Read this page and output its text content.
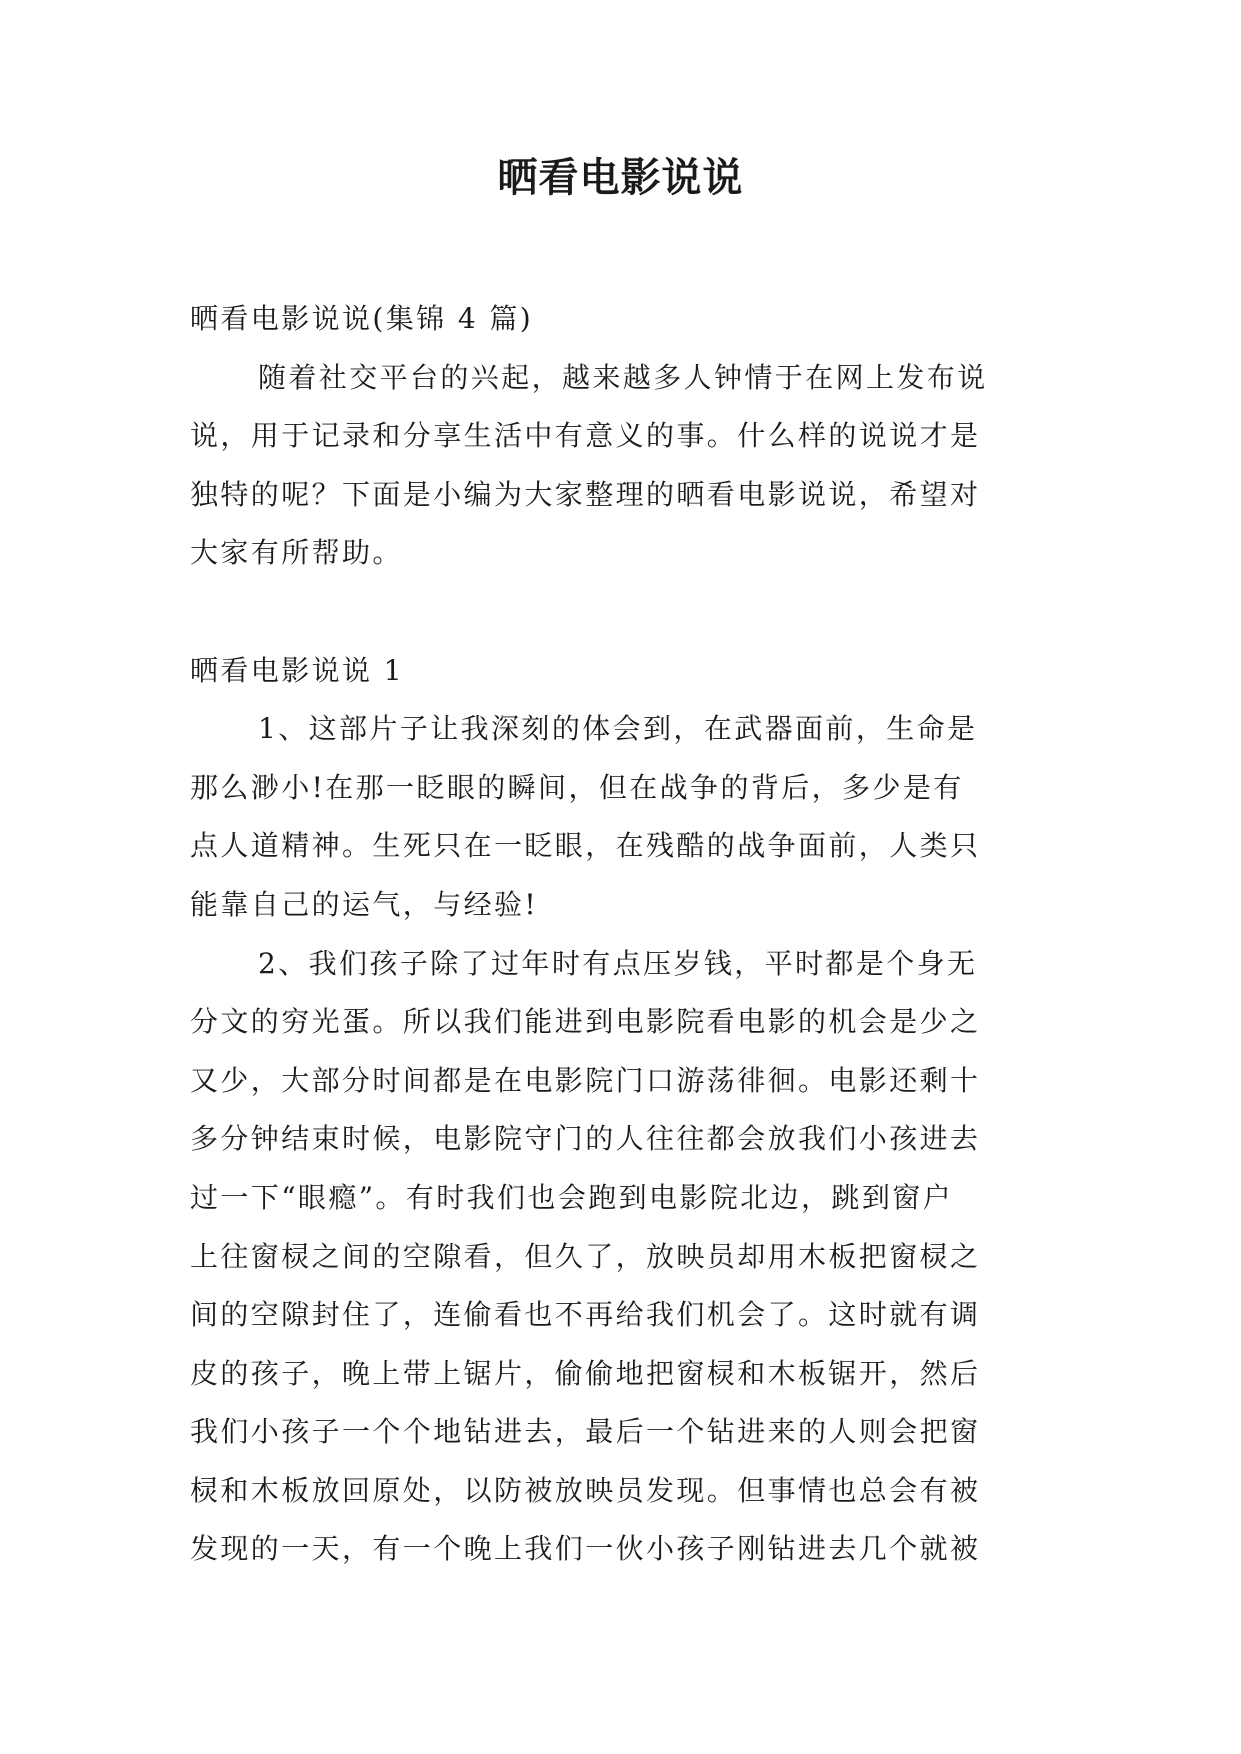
晒看电影说说
晒看电影说说(集锦 4 篇)
随着社交平台的兴起，越来越多人钟情于在网上发布说
说，用于记录和分享生活中有意义的事。什么样的说说才是
独特的呢？下面是小编为大家整理的晒看电影说说，希望对
大家有所帮助。
晒看电影说说 1
1、这部片子让我深刻的体会到，在武器面前，生命是
那么渺小!在那一眨眼的瞬间，但在战争的背后，多少是有
点人道精神。生死只在一眨眼，在残酷的战争面前，人类只
能靠自己的运气，与经验!
2、我们孩子除了过年时有点压岁钱，平时都是个身无
分文的穷光蛋。所以我们能进到电影院看电影的机会是少之
又少，大部分时间都是在电影院门口游荡徘徊。电影还剩十
多分钟结束时候，电影院守门的人往往都会放我们小孩进去
过一下“眼瘾”。有时我们也会跑到电影院北边，跳到窗户
上往窗棂之间的空隙看，但久了，放映员却用木板把窗棂之
间的空隙封住了，连偷看也不再给我们机会了。这时就有调
皮的孩子，晚上带上锯片，偷偷地把窗棂和木板锯开，然后
我们小孩子一个个地钻进去，最后一个钻进来的人则会把窗
棂和木板放回原处，以防被放映员发现。但事情也总会有被
发现的一天，有一个晚上我们一伙小孩子刚钻进去几个就被
